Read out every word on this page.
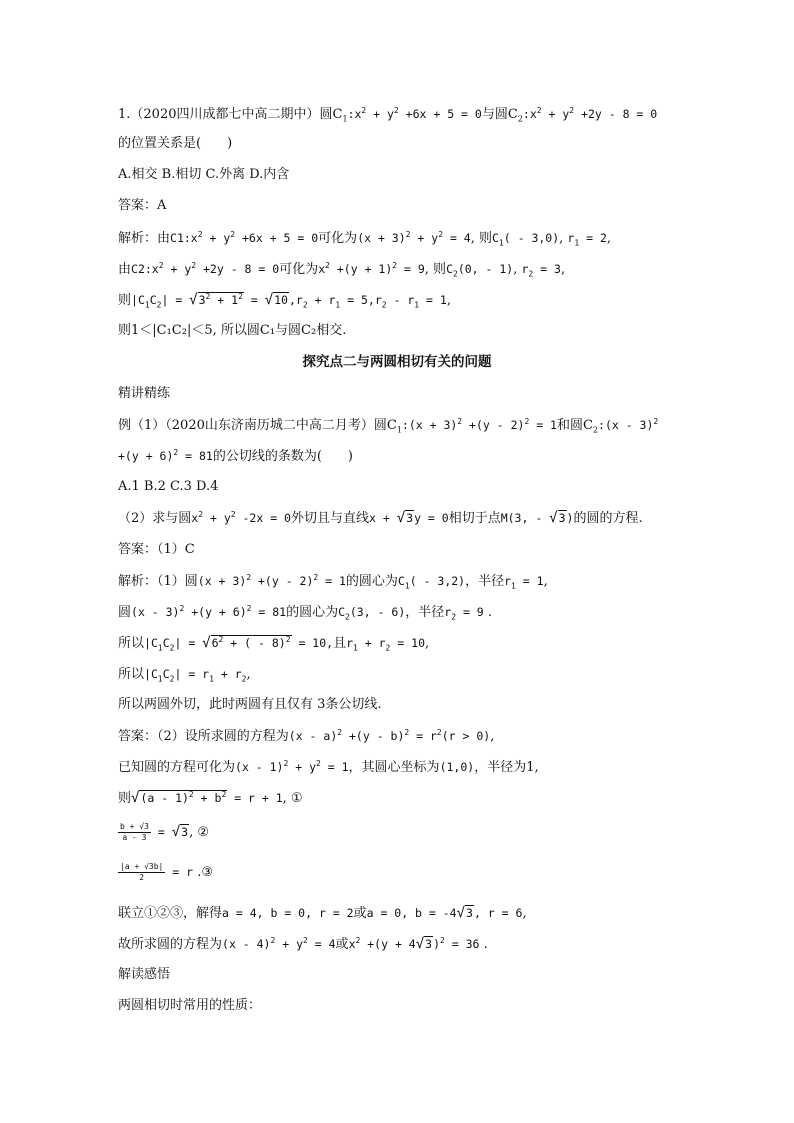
1.（2020四川成都七中高二期中）圆$C_1:x^2 + y^2 +6x + 5 = 0$与圆$C_2:x^2 + y^2 +2y - 8 = 0$
的位置关系是(　　)
A.相交 B.相切 C.外离 D.内含
答案：A
解析：由$C1:x^2 + y^2 +6x + 5 = 0$可化为$(x + 3)^2 + y^2 = 4$, 则$C_1( - 3,0)$, $r_1 = 2$,
由$C2:x^2 + y^2 +2y - 8 = 0$可化为$x^2 +(y + 1)^2 = 9$, 则$C_2(0$, - 1), $r_2 = 3$,
则$|C_1C_2| = √3^2 + 1^2 = √10,r_2 + r_1 = 5,r_2 - r_1 = 1$,
则1＜|C₁C₂|＜5, 所以圆C₁与圆C₂相交.
探究点二与两圆相切有关的问题
精讲精练
例（1）（2020山东济南历城二中高二月考）圆$C_1:(x + 3)^2 +(y - 2)^2 = 1$和圆$C_2:(x - 3)^2$
$+(y + 6)^2 = 81$的公切线的条数为(　　)
A.1 B.2 C.3 D.4
（2）求与圆$x^2 + y^2$ -2x = 0外切且与直线x + √3y = 0相切于点M(3, - √3)的圆的方程.
答案：（1）C
解析：（1）圆$(x + 3)^2 +(y - 2)^2 = 1$的圆心为$C_1( - 3,2)$，半径$r_1 = 1$,
圆$(x - 3)^2 +(y + 6)^2 = 81$的圆心为$C_2(3$, - 6)，半径$r_2 = 9$ .
所以$|C_1C_2| = √6^2$ + ( - 8)$^2$ = 10,且$r_1 + r_2 = 10$,
所以$|C_1C_2| = r_1 + r_2$,
所以两圆外切，此时两圆有且仅有 3条公切线.
答案：（2）设所求圆的方程为$(x - a)^2 +(y - b)^2 = r^2(r > 0)$,
已知圆的方程可化为$(x - 1)^2 + y^2 = 1$，其圆心坐标为(1,0)，半径为1,
则$√(a - 1)^2 + b^2 = r + 1$, ①
$\frac{b + √3}{a - 3} = √3$, ②
$\frac{|a + √3b|}{2} = r$ .③
联立①②③，解得a = 4, b = 0, r = 2或a = 0, b = -4√3, r = 6,
故所求圆的方程为$(x - 4)^2 + y^2 = 4$或$x^2 +(y + 4√3)^2 = 36$ .
解读感悟
两圆相切时常用的性质：
